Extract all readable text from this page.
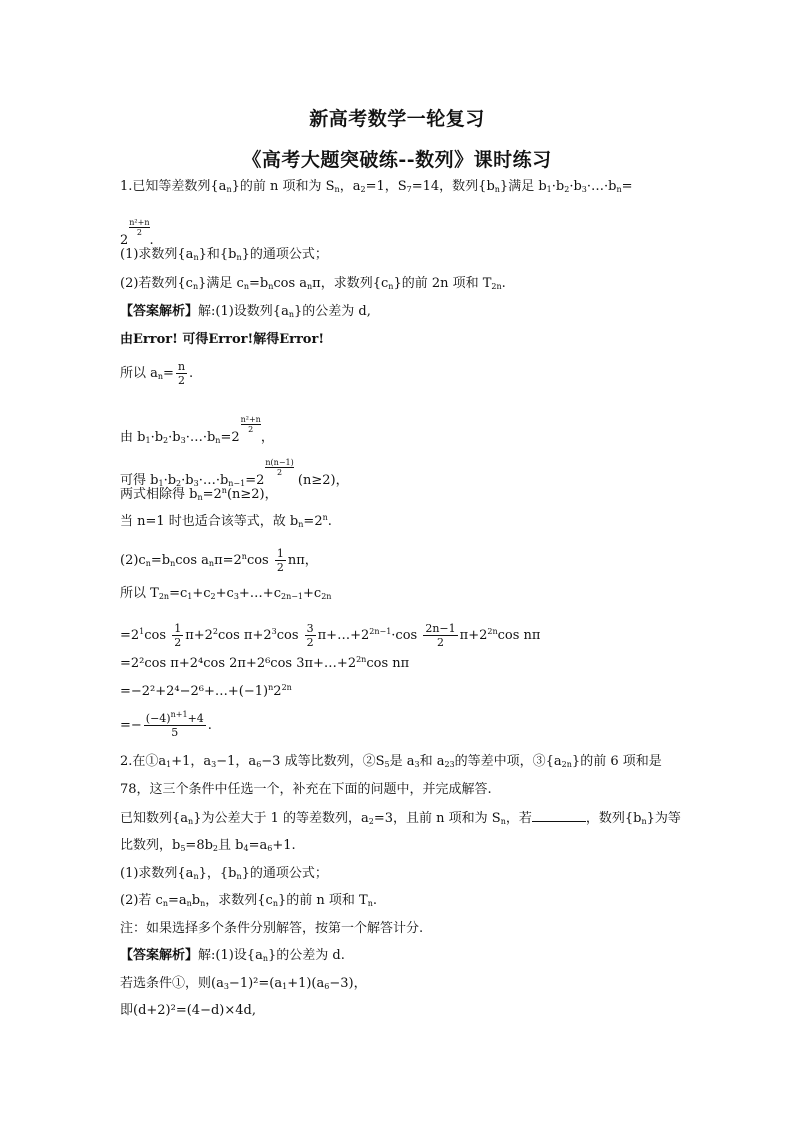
新高考数学一轮复习
《高考大题突破练--数列》课时练习
1.已知等差数列$\{a_n\}$的前 n 项和为 $S_n$，$a_2=1$，$S_7=14$，数列$\{b_n\}$满足 $b_1\cdot b_2\cdot b_3\cdot\dots\cdot b_n=$
2
$\frac{\text{n²+n}}{2}$
.
(1)求数列$\{a_n\}$和$\{b_n\}$的通项公式；
(2)若数列$\{c_n\}$满足 $c_n=b_n\cos$ $a_n\pi$，求数列$\{c_n\}$的前 2n 项和 $T_{2n}$.
【答案解析】解:(1)设数列$\{a_n\}$的公差为 d,
由Error! 可得Error!解得Error!
所以 $a_n= \frac{n}{2}$ .
由 $b_1\cdot b_2\cdot b_3\cdot\dots\cdot b_n=2$
$\frac{\text{n²+n}}{2}$
，
可得 $b_1\cdot b_2\cdot b_3\cdot\dots\cdot b_{n-1}=2$
$\frac{n(n-1)}{2}$
(n≥2)，
两式相除得 $b_n=2^n(n\ge 2)$，
当 n=1 时也适合该等式，故 $b_n=2^n$.
$(2)c_n=b_n\cos$ $a_n\pi=2^n\cos \frac{1}{2}$ nπ，
所以 $T_{2n}=c_1+c_2+c_3+\dots+c_{2n-1}+c_{2n}$
$=2^1\cos \frac{1}{2} \pi+2^2\cos$ $\pi+2^3\cos \frac{3}{2}$ $\pi+\dots+2^{2n-1}\cdot\cos \frac{2n-1}{2} \pi+2^{2n}\cos$ nπ
=2²cos π+2⁴cos 2π+2⁶cos $3\pi+\dots+2^{2n}\cos$ nπ
$=-2^2+2^4-2^6+\dots+(-1)^n2^{2n}$
=− $\frac{(-4)^{n+1}+4}{5}$ .
2.在$①a_1+1$，$a_3-1$，$a_6-3$ 成等比数列，$②S_5$是 $a_3$和 $a_{23}$的等差中项，$③\{a_{2n}\}$的前 6 项和是
78，这三个条件中任选一个，补充在下面的问题中，并完成解答.
已知数列$\{a_n\}$为公差大于 1 的等差数列，$a_2=3$，且前 n 项和为 $S_n$，若	，数列$\{b_n\}$为等
比数列，$b_5=8b_2$且 $b_4=a_6+1$.
(1)求数列$\{a_n\}$，$\{b_n\}$的通项公式；
(2)若 $c_n=a_nb_n$，求数列$\{c_n\}$的前 n 项和 $T_n$.
注：如果选择多个条件分别解答，按第一个解答计分.
【答案解析】解:(1)设$\{a_n\}$的公差为 d.
若选条件①，则$(a_3-1)^2=(a_1+1)(a_6-3)$，
即(d+2)²=(4−d)×4d,
